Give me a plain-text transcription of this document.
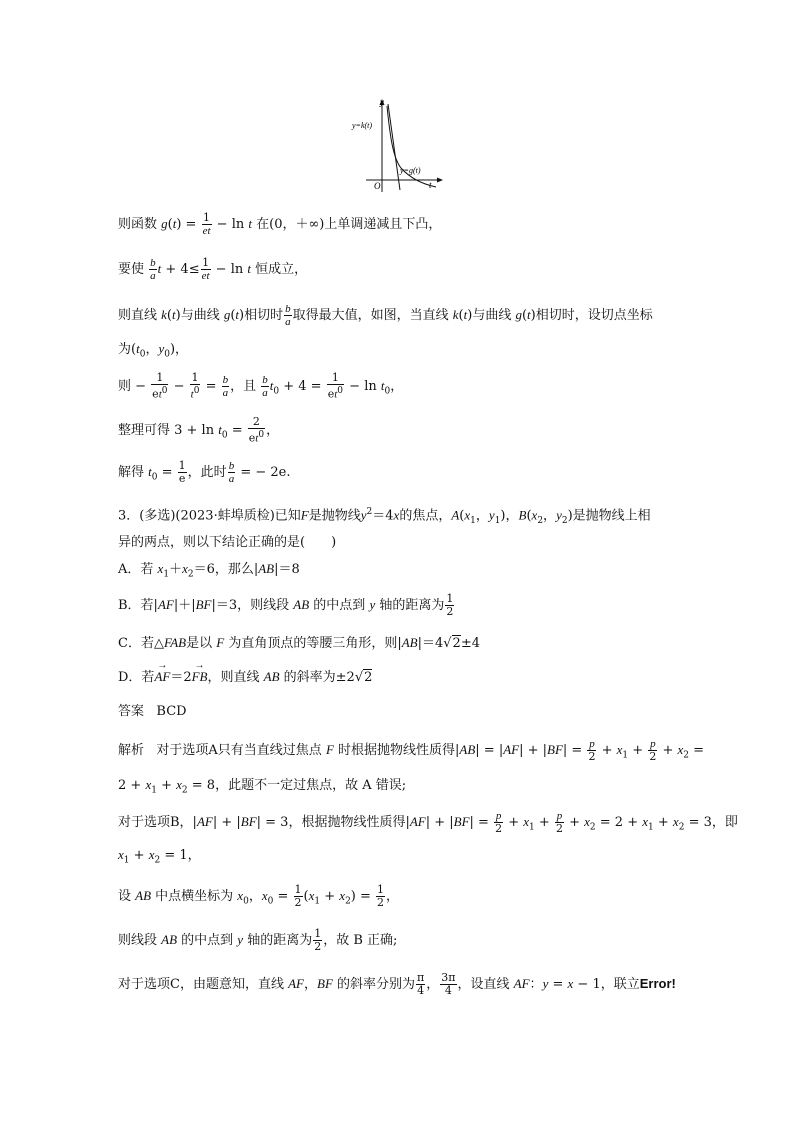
y
t
O
y=k(t)
y=g(t)
则函数 $g(t) = \frac{1}{et} - \ln t$ 在(0，＋∞)上单调递减且下凸，
要使 $\frac{b}{a}$ $t + 4\le \frac{1}{et} - \ln t$ 恒成立，
则直线 k(t)与曲线 g(t)相切时 $\frac{b}{a}$ 取得最大值，如图，当直线 k(t)与曲线 g(t)相切时，设切点坐标
为($t_0$，$y_0$)，
则 − $\frac{1}{et^0} - \frac{1}{t^0} = \frac{b}{a}$ ，且 $\frac{b}{a} t_0 + 4 = \frac{1}{et^0} - \ln t_0$，
整理可得 $3 + \ln t_0 = \frac{2}{et^0}$ ，
解得 $t_0 = \frac{1}{e}$ ，此时 $\frac{b}{a}$ = − 2e.
3．(多选)(2023·蚌埠质检)已知F是抛物线$y^2=4x$的焦点，$A(x_1$，$y_1$)，$B(x_2$，$y_2$)是抛物线上相
异的两点，则以下结论正确的是(　　)
A．若 $x_1+x_2=6$，那么|AB|＝8
B．若|AF|＋|BF|＝3，则线段 AB 的中点到 y 轴的距离为 $\frac{1}{2}$
C．若△FAB是以 F 为直角顶点的等腰三角形，则|AB|＝4√2±4
D．若→ AF＝2→ FB，则直线 AB 的斜率为±2√2
答案 BCD
解析   对于选项A只有当直线过焦点 F 时根据抛物线性质得$|AB| = |AF| + |BF| = \frac{p}{2} + x_1 + \frac{p}{2} + x_2$ =
$2 + x_1 + x_2 = 8$，此题不一定过焦点，故 A 错误;
对于选项B，|AF| + |BF| = 3，根据抛物线性质得$|AF| + |BF| = \frac{p}{2} + x_1 + \frac{p}{2} + x_2 = 2 + x_1 + x_2 = 3$，即
$x_1 + x_2 = 1$，
设 AB 中点横坐标为 $x_0$，$x_0 = \frac{1}{2} (x_1 + x_2) = \frac{1}{2}$ ，
则线段 AB 的中点到 y 轴的距离为 $\frac{1}{2}$ ，故 B 正确;
对于选项C，由题意知，直线 AF，BF 的斜率分别为 $\frac{\pi}{4}$ ， $\frac{3\pi}{4}$ ，设直线 AF：y = x − 1，联立Error!
